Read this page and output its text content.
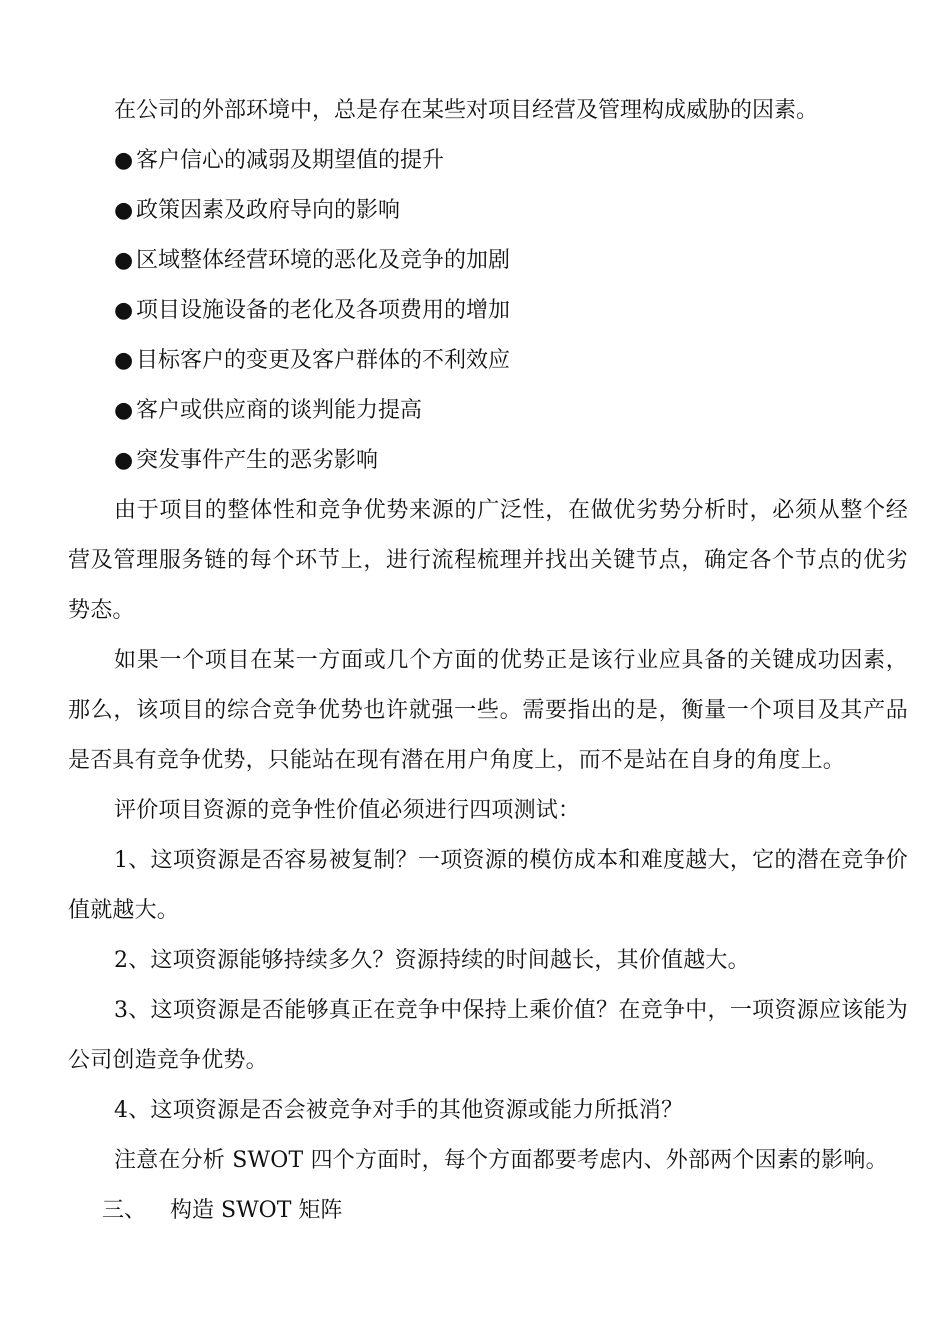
在公司的外部环境中，总是存在某些对项目经营及管理构成威胁的因素。

● 客户信心的减弱及期望值的提升

● 政策因素及政府导向的影响

● 区域整体经营环境的恶化及竞争的加剧

● 项目设施设备的老化及各项费用的增加

● 目标客户的变更及客户群体的不利效应

● 客户或供应商的谈判能力提高

● 突发事件产生的恶劣影响

由于项目的整体性和竞争优势来源的广泛性，在做优劣势分析时，必须从整个经营及管理服务链的每个环节上，进行流程梳理并找出关键节点，确定各个节点的优劣势态。

如果一个项目在某一方面或几个方面的优势正是该行业应具备的关键成功因素，那么，该项目的综合竞争优势也许就强一些。需要指出的是，衡量一个项目及其产品是否具有竞争优势，只能站在现有潜在用户角度上，而不是站在自身的角度上。

评价项目资源的竞争性价值必须进行四项测试：

1、这项资源是否容易被复制？一项资源的模仿成本和难度越大，它的潜在竞争价值就越大。

2、这项资源能够持续多久？资源持续的时间越长，其价值越大。

3、这项资源是否能够真正在竞争中保持上乘价值？在竞争中，一项资源应该能为公司创造竞争优势。

4、这项资源是否会被竞争对手的其他资源或能力所抵消？

注意在分析 SWOT 四个方面时，每个方面都要考虑内、外部两个因素的影响。

三、 构造 SWOT 矩阵
